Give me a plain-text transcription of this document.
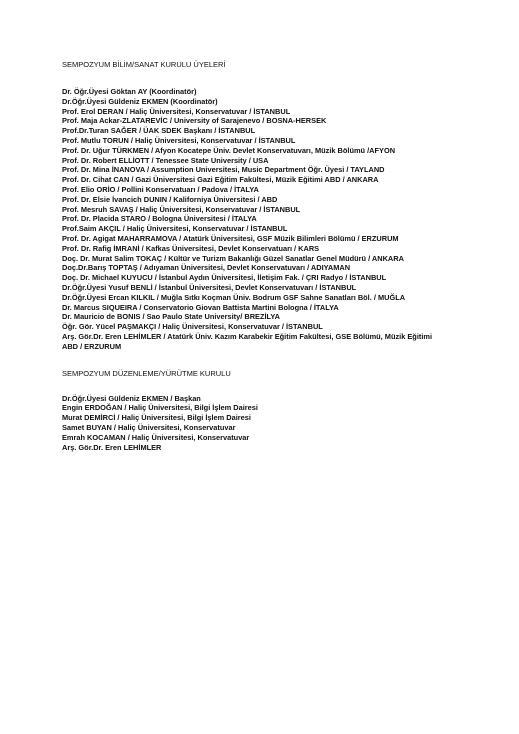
SEMPOZYUM BİLİM/SANAT KURULU ÜYELERİ
Dr. Öğr.Üyesi Göktan AY (Koordinatör)
Dr.Öğr.Üyesi Güldeniz EKMEN (Koordinatör)
Prof. Erol DERAN / Haliç Üniversitesi, Konservatuvar / İSTANBUL
Prof. Maja Ackar-ZLATAREVİC / University of Sarajenevo / BOSNA-HERSEK
Prof.Dr.Turan SAĞER / ÜAK SDEK Başkanı / İSTANBUL
Prof. Mutlu TORUN / Haliç Üniversitesi, Konservatuvar / İSTANBUL
Prof. Dr. Uğur TÜRKMEN / Afyon Kocatepe Üniv. Devlet Konservatuvarı, Müzik Bölümü /AFYON
Prof. Dr. Robert ELLİOTT / Tenessee State University / USA
Prof. Dr. Mina İNANOVA / Assumption Universitesi, Music Department Öğr. Üyesi / TAYLAND
Prof. Dr. Cihat CAN / Gazi Üniversitesi Gazi Eğitim Fakültesi, Müzik Eğitimi ABD / ANKARA
Prof. Elio ORİO / Pollini Konservatuarı / Padova / İTALYA
Prof. Dr. Elsie İvancich DUNIN / Kaliforniya Üniversitesi / ABD
Prof. Mesruh SAVAŞ / Haliç Üniversitesi, Konservatuvar / İSTANBUL
Prof. Dr. Placida STARO / Bologna Üniversitesi / İTALYA
Prof.Saim AKÇIL / Haliç Üniversitesi, Konservatuvar / İSTANBUL
Prof. Dr. Agigat MAHARRAMOVA / Atatürk Üniversitesi, GSF Müzik Bilimleri Bölümü / ERZURUM
Prof. Dr. Rafig İMRANİ / Kafkas Üniversitesi, Devlet Konservatuarı / KARS
Doç. Dr. Murat Salim TOKAÇ / Kültür ve Turizm Bakanlığı Güzel Sanatlar Genel Müdürü / ANKARA
Doç.Dr.Barış TOPTAŞ / Adıyaman Üniversitesi, Devlet Konservatuvarı / ADIYAMAN
Doç. Dr. Michael KUYUCU / İstanbul Aydın Üniversitesi, İletişim Fak. / ÇRI Radyo / İSTANBUL
Dr.Öğr.Üyesi Yusuf BENLİ / İstanbul Üniversitesi, Devlet Konservatuvarı / İSTANBUL
Dr.Öğr.Üyesi Ercan KILKIL / Muğla Sıtkı Koçman Üniv. Bodrum GSF Sahne Sanatları Böl. / MUĞLA
Dr. Marcus SIQUEIRA / Conservatorio Giovan Battista Martini Bologna / İTALYA
Dr. Mauricio de BONIS / Sao Paulo State University/ BREZİLYA
Öğr. Gör. Yücel PAŞMAKÇI / Haliç Üniversitesi, Konservatuvar / İSTANBUL
Arş. Gör.Dr. Eren LEHİMLER / Atatürk Üniv. Kazım Karabekir Eğitim Fakültesi, GSE Bölümü, Müzik Eğitimi ABD / ERZURUM
SEMPOZYUM DÜZENLEME/YÜRÜTME KURULU
Dr.Öğr.Üyesi Güldeniz EKMEN / Başkan
Engin ERDOĞAN / Haliç Üniversitesi, Bilgi İşlem Dairesi
Murat DEMİRCİ / Haliç Üniversitesi, Bilgi İşlem Dairesi
Samet BUYAN / Haliç Üniversitesi, Konservatuvar
Emrah KOCAMAN / Haliç Üniversitesi, Konservatuvar
Arş. Gör.Dr. Eren LEHİMLER
